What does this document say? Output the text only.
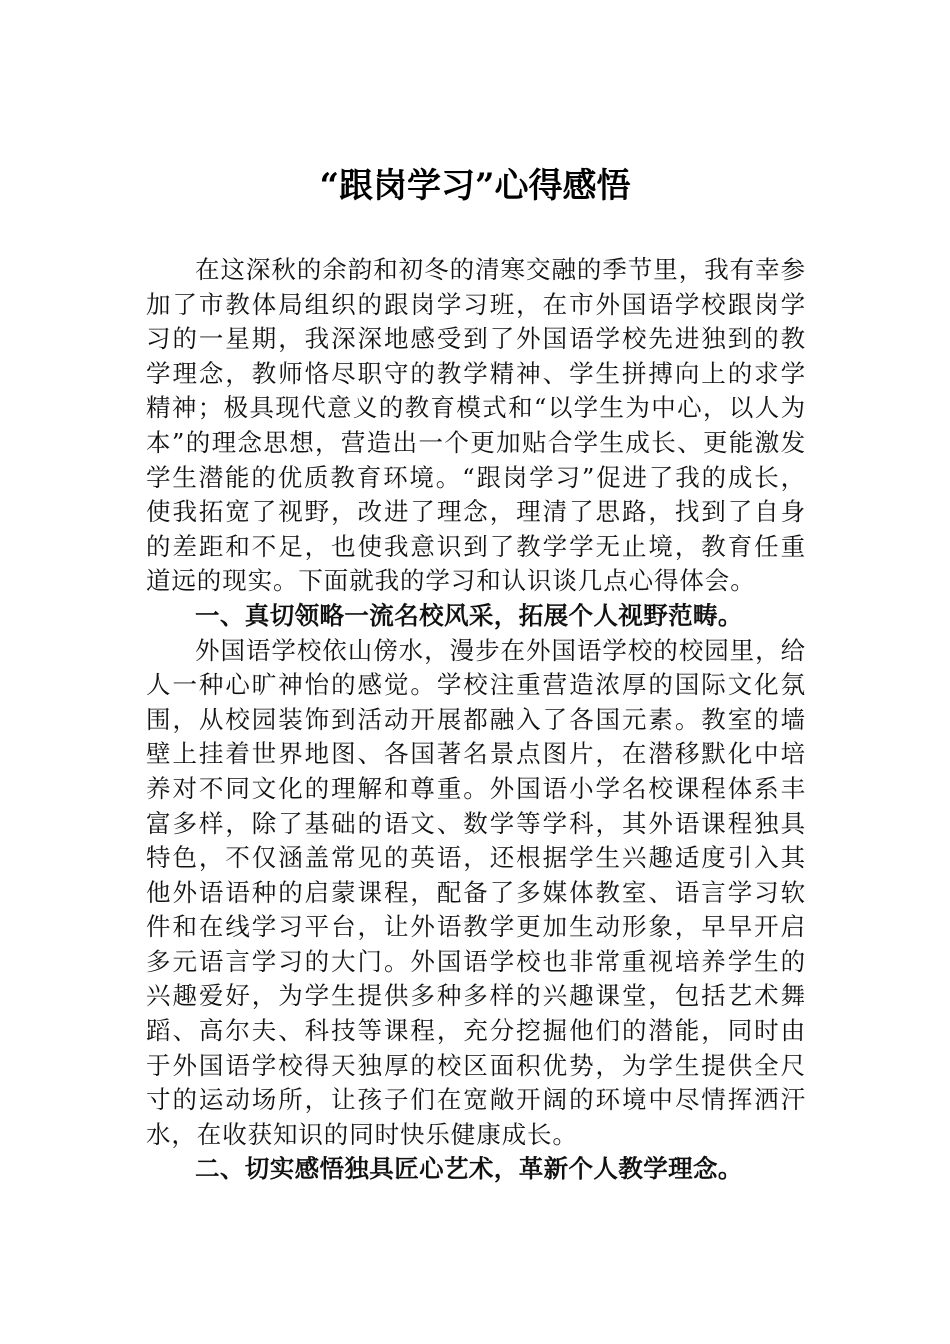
“跟岗学习”心得感悟

在这深秋的余韵和初冬的清寒交融的季节里，我有幸参加了市教体局组织的跟岗学习班，在市外国语学校跟岗学习的一星期，我深深地感受到了外国语学校先进独到的教学理念，教师恪尽职守的教学精神、学生拼搏向上的求学精神；极具现代意义的教育模式和“以学生为中心，以人为本”的理念思想，营造出一个更加贴合学生成长、更能激发学生潜能的优质教育环境。“跟岗学习”促进了我的成长，使我拓宽了视野，改进了理念，理清了思路，找到了自身的差距和不足，也使我意识到了教学学无止境，教育任重道远的现实。下面就我的学习和认识谈几点心得体会。

一、真切领略一流名校风采，拓展个人视野范畴。

外国语学校依山傍水，漫步在外国语学校的校园里，给人一种心旷神怡的感觉。学校注重营造浓厚的国际文化氛围，从校园装饰到活动开展都融入了各国元素。教室的墙壁上挂着世界地图、各国著名景点图片，在潜移默化中培养对不同文化的理解和尊重。外国语小学名校课程体系丰富多样，除了基础的语文、数学等学科，其外语课程独具特色，不仅涵盖常见的英语，还根据学生兴趣适度引入其他外语语种的启蒙课程，配备了多媒体教室、语言学习软件和在线学习平台，让外语教学更加生动形象，早早开启多元语言学习的大门。外国语学校也非常重视培养学生的兴趣爱好，为学生提供多种多样的兴趣课堂，包括艺术舞蹈、高尔夫、科技等课程，充分挖掘他们的潜能，同时由于外国语学校得天独厚的校区面积优势，为学生提供全尺寸的运动场所，让孩子们在宽敞开阔的环境中尽情挥洒汗水，在收获知识的同时快乐健康成长。

二、切实感悟独具匠心艺术，革新个人教学理念。
